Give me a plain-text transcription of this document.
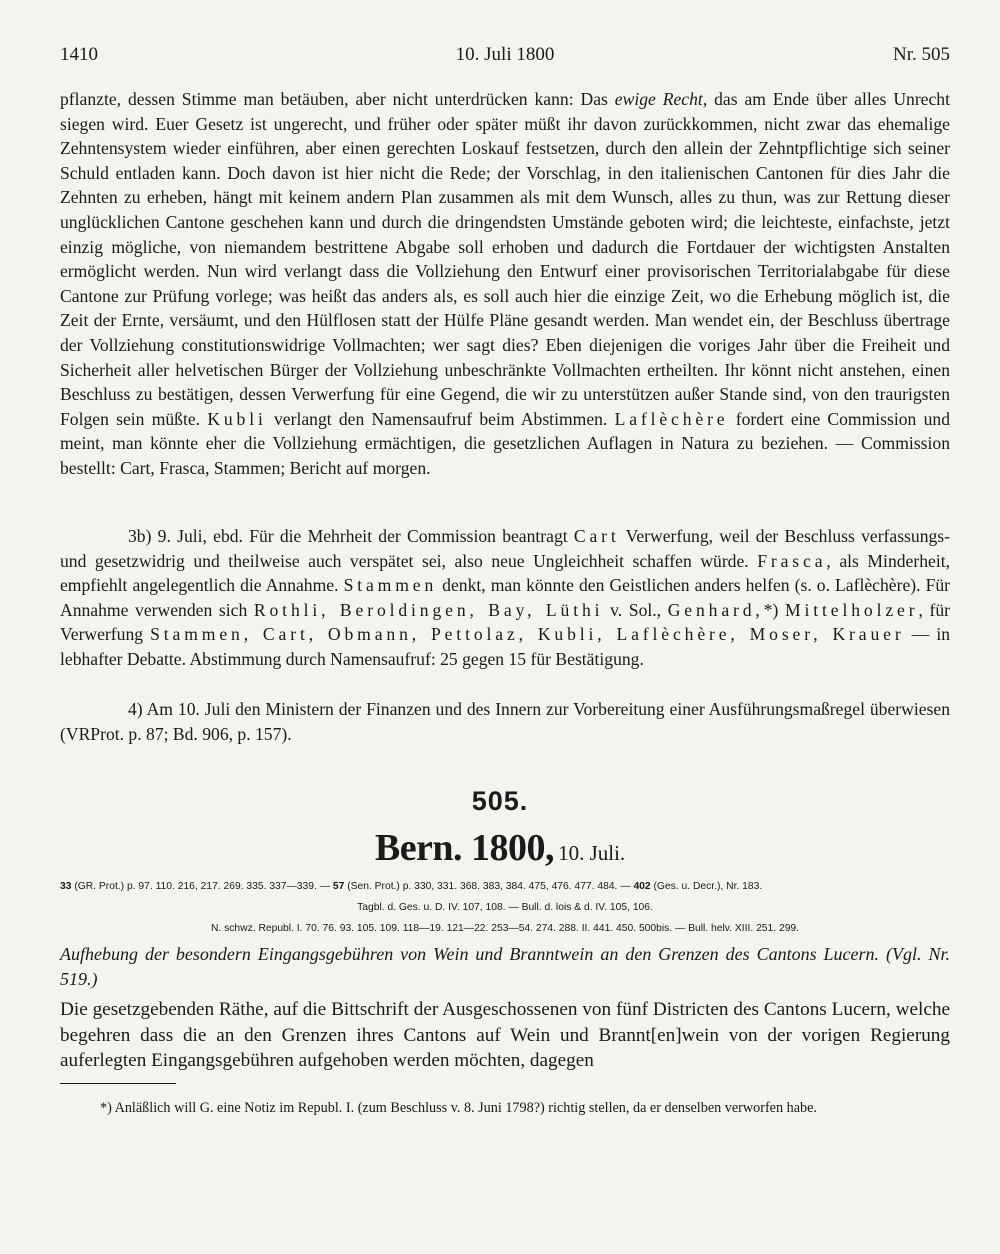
1410	10. Juli 1800	Nr. 505

pflanzte, dessen Stimme man betäuben, aber nicht unterdrücken kann: Das ewige Recht, das am Ende über alles Unrecht siegen wird. Euer Gesetz ist ungerecht, und früher oder später müßt ihr davon zurückkommen, nicht zwar das ehemalige Zehntensystem wieder einführen, aber einen gerechten Loskauf festsetzen, durch den allein der Zehntpflichtige sich seiner Schuld entladen kann. Doch davon ist hier nicht die Rede; der Vorschlag, in den italienischen Cantonen für dies Jahr die Zehnten zu erheben, hängt mit keinem andern Plan zusammen als mit dem Wunsch, alles zu thun, was zur Rettung dieser unglücklichen Cantone geschehen kann und durch die dringendsten Umstände geboten wird; die leichteste, einfachste, jetzt einzig mögliche, von niemandem bestrittene Abgabe soll erhoben und dadurch die Fortdauer der wichtigsten Anstalten ermöglicht werden. Nun wird verlangt dass die Vollziehung den Entwurf einer provisorischen Territorialabgabe für diese Cantone zur Prüfung vorlege; was heißt das anders als, es soll auch hier die einzige Zeit, wo die Erhebung möglich ist, die Zeit der Ernte, versäumt, und den Hülflosen statt der Hülfe Pläne gesandt werden. Man wendet ein, der Beschluss übertrage der Vollziehung constitutionswidrige Vollmachten; wer sagt dies? Eben diejenigen die voriges Jahr über die Freiheit und Sicherheit aller helvetischen Bürger der Vollziehung unbeschränkte Vollmachten ertheilten. Ihr könnt nicht anstehen, einen Beschluss zu bestätigen, dessen Verwerfung für eine Gegend, die wir zu unterstützen außer Stande sind, von den traurigsten Folgen sein müßte. Kubli verlangt den Namensaufruf beim Abstimmen. Laflèchère fordert eine Commission und meint, man könnte eher die Vollziehung ermächtigen, die gesetzlichen Auflagen in Natura zu beziehen. — Commission bestellt: Cart, Frasca, Stammen; Bericht auf morgen.

3b) 9. Juli, ebd. Für die Mehrheit der Commission beantragt Cart Verwerfung, weil der Beschluss verfassungs- und gesetzwidrig und theilweise auch verspätet sei, also neue Ungleichheit schaffen würde. Frasca, als Minderheit, empfiehlt angelegentlich die Annahme. Stammen denkt, man könnte den Geistlichen anders helfen (s. o. Laflèchère). Für Annahme verwenden sich Rothli, Beroldingen, Bay, Lüthi v. Sol., Genhard,*) Mittelholzer, für Verwerfung Stammen, Cart, Obmann, Pettolaz, Kubli, Laflèchère, Moser, Krauer — in lebhafter Debatte. Abstimmung durch Namensaufruf: 25 gegen 15 für Bestätigung.

4) Am 10. Juli den Ministern der Finanzen und des Innern zur Vorbereitung einer Ausführungsmaßregel überwiesen (VRProt. p. 87; Bd. 906, p. 157).

505.
Bern. 1800, 10. Juli.
33 (GR. Prot.) p. 97. 110. 216, 217. 269. 335. 337—339. — 57 (Sen. Prot.) p. 330, 331. 368. 383, 384. 475, 476. 477. 484. — 402 (Ges. u. Decr.), Nr. 183.
Tagbl. d. Ges. u. D. IV. 107, 108. — Bull. d. lois & d. IV. 105, 106.
N. schwz. Republ. I. 70. 76. 93. 105. 109. 118—19. 121—22. 253—54. 274. 288. II. 441. 450. 500bis. — Bull. helv. XIII. 251. 299.
Aufhebung der besondern Eingangsgebühren von Wein und Branntwein an den Grenzen des Cantons Lucern. (Vgl. Nr. 519.)
Die gesetzgebenden Räthe, auf die Bittschrift der Ausgeschossenen von fünf Districten des Cantons Lucern, welche begehren dass die an den Grenzen ihres Cantons auf Wein und Brannt[en]wein von der vorigen Regierung auferlegten Eingangsgebühren aufgehoben werden möchten, dagegen
*) Anläßlich will G. eine Notiz im Republ. I. (zum Beschluss v. 8. Juni 1798?) richtig stellen, da er denselben verworfen habe.
